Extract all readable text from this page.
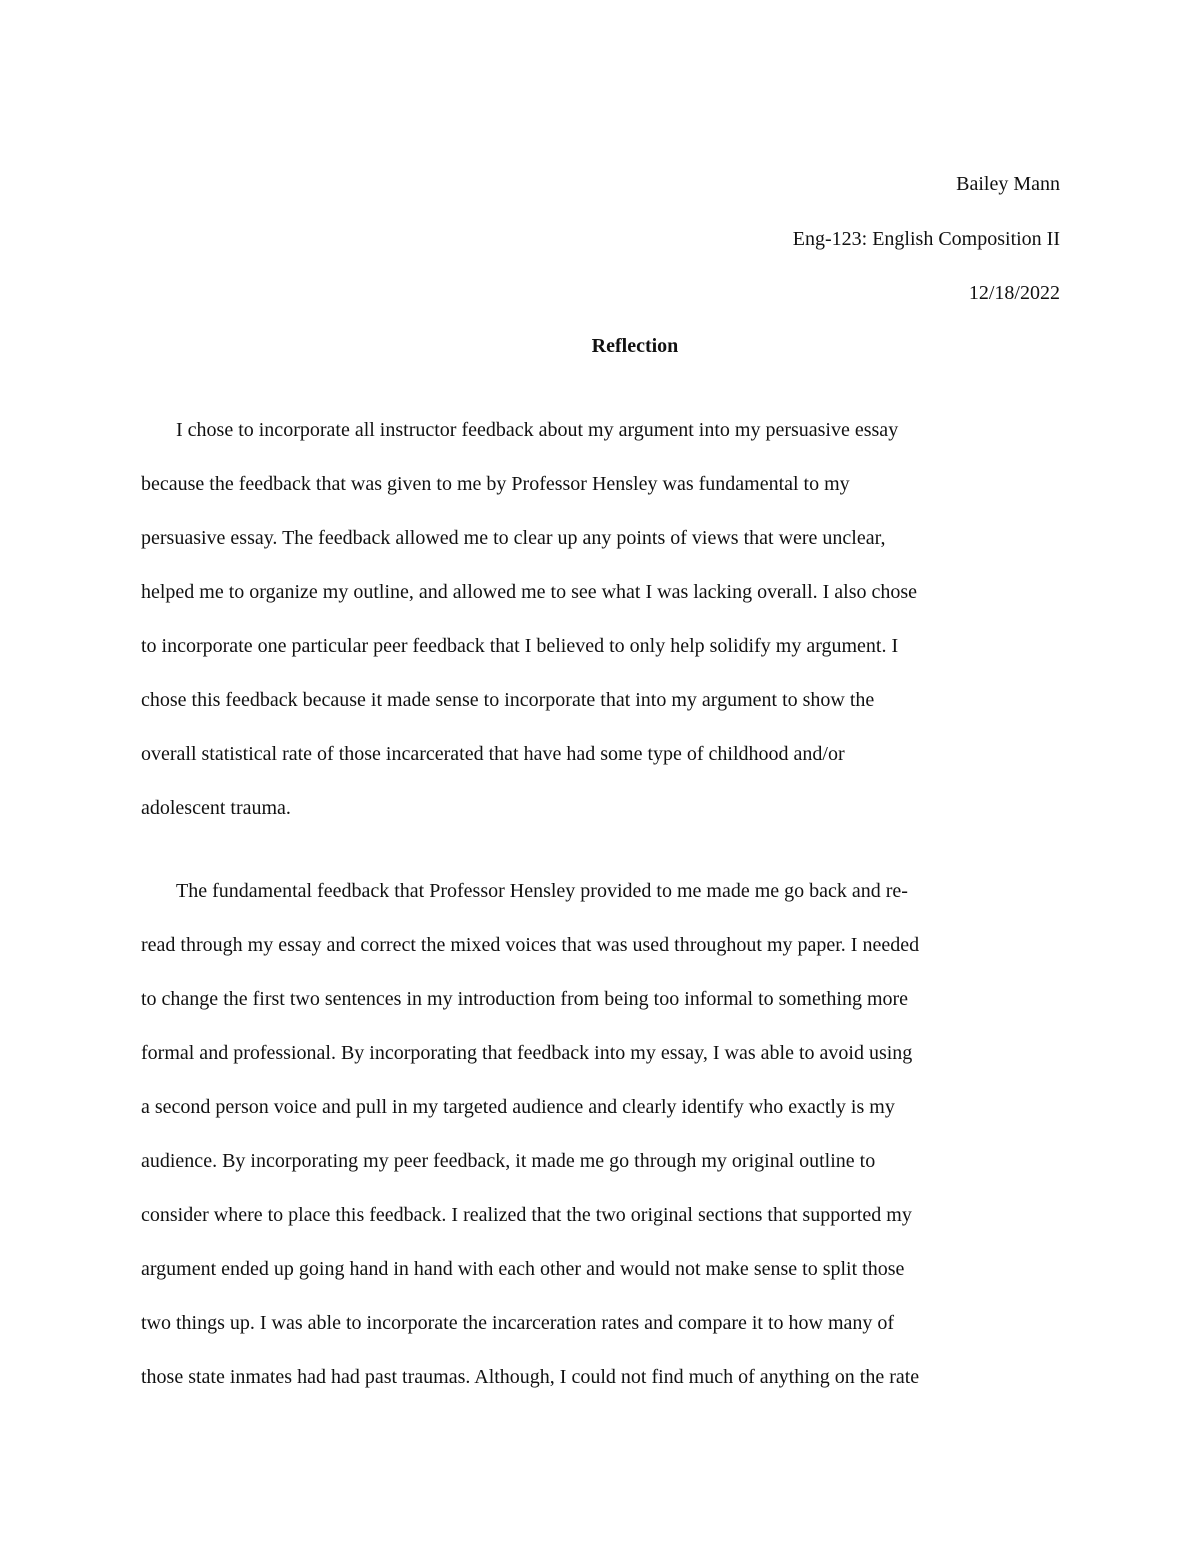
Bailey Mann
Eng-123: English Composition II
12/18/2022
Reflection
I chose to incorporate all instructor feedback about my argument into my persuasive essay
because the feedback that was given to me by Professor Hensley was fundamental to my
persuasive essay. The feedback allowed me to clear up any points of views that were unclear,
helped me to organize my outline, and allowed me to see what I was lacking overall. I also chose
to incorporate one particular peer feedback that I believed to only help solidify my argument. I
chose this feedback because it made sense to incorporate that into my argument to show the
overall statistical rate of those incarcerated that have had some type of childhood and/or
adolescent trauma.
The fundamental feedback that Professor Hensley provided to me made me go back and re-
read through my essay and correct the mixed voices that was used throughout my paper. I needed
to change the first two sentences in my introduction from being too informal to something more
formal and professional. By incorporating that feedback into my essay, I was able to avoid using
a second person voice and pull in my targeted audience and clearly identify who exactly is my
audience. By incorporating my peer feedback, it made me go through my original outline to
consider where to place this feedback. I realized that the two original sections that supported my
argument ended up going hand in hand with each other and would not make sense to split those
two things up. I was able to incorporate the incarceration rates and compare it to how many of
those state inmates had had past traumas. Although, I could not find much of anything on the rate
